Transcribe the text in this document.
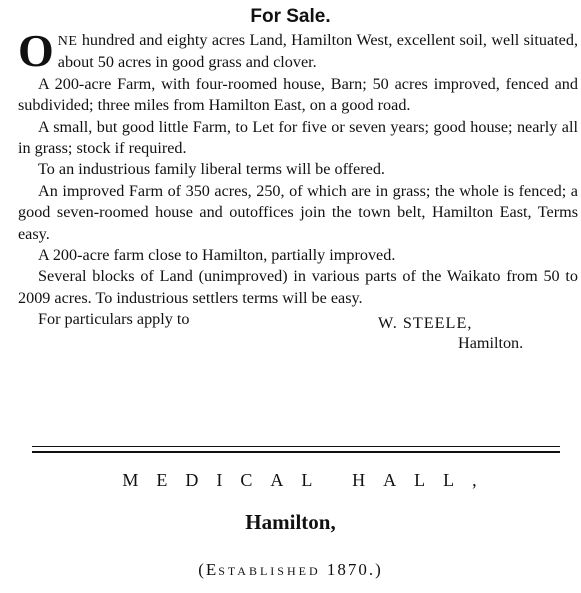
For Sale.

ONE hundred and eighty acres Land, Hamilton West, excellent soil, well situated, about 50 acres in good grass and clover.

A 200-acre Farm, with four-roomed house, Barn; 50 acres improved, fenced and subdivided; three miles from Hamilton East, on a good road.

A small, but good little Farm, to Let for five or seven years; good house; nearly all in grass; stock if required.

To an industrious family liberal terms will be offered.

An improved Farm of 350 acres, 250, of which are in grass; the whole is fenced; a good seven-roomed house and outoffices join the town belt, Hamilton East, Terms easy.

A 200-acre farm close to Hamilton, partially improved.

Several blocks of Land (unimproved) in various parts of the Waikato from 50 to 2009 acres. To industrious settlers terms will be easy.

For particulars apply to	W. STEELE,
Hamilton.
MEDICAL HALL,
Hamilton,
(ESTABLISHED 1870.)
